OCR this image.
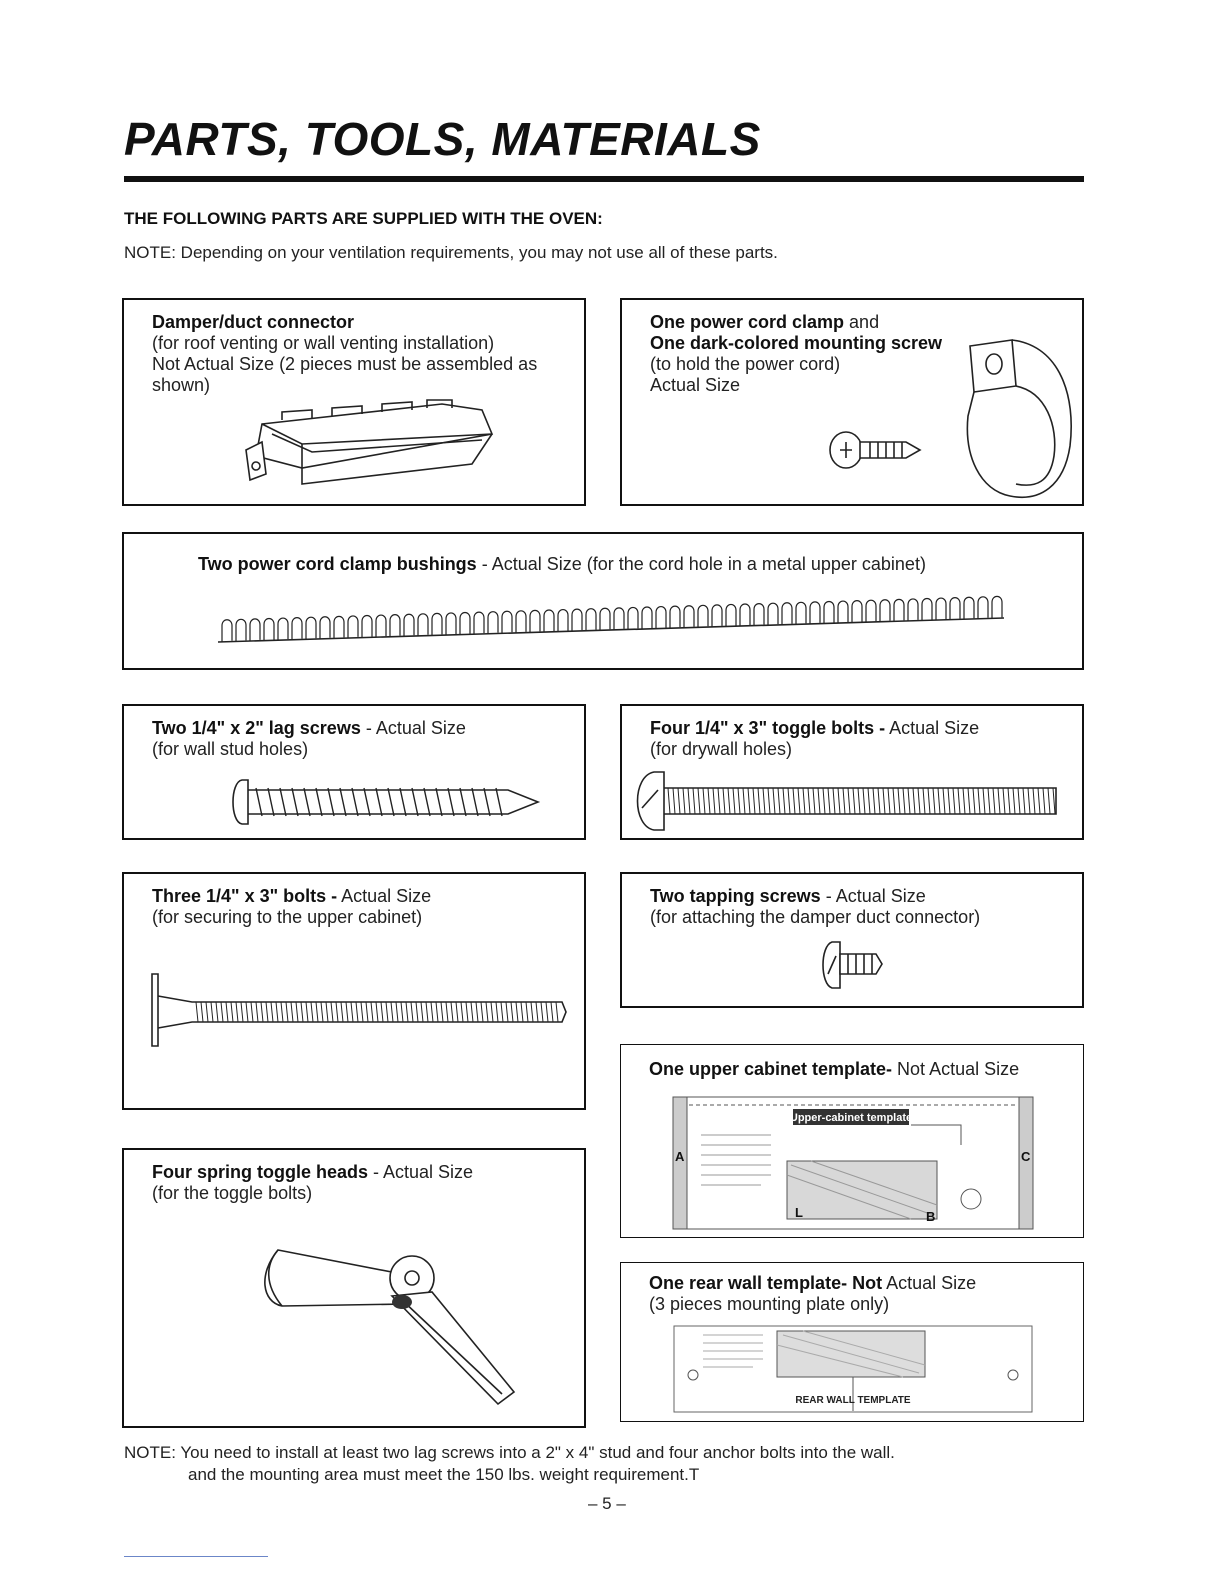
PARTS, TOOLS, MATERIALS
THE FOLLOWING PARTS ARE SUPPLIED WITH THE OVEN:
NOTE: Depending on your ventilation requirements, you may not use all of these parts.
Damper/duct connector
(for roof venting or wall venting installation)
Not Actual Size (2 pieces must be assembled as
shown)
One power cord clamp and
One dark-colored mounting screw
(to hold the power cord)
Actual Size
Two power cord clamp bushings - Actual Size (for the cord hole in a metal upper cabinet)
Two 1/4" x 2" lag screws - Actual Size
(for wall stud holes)
Four 1/4" x 3" toggle bolts - Actual Size
(for drywall holes)
Three 1/4" x 3" bolts - Actual Size
(for securing to the upper cabinet)
Two tapping screws - Actual Size
(for attaching the damper duct connector)
One upper cabinet template- Not Actual Size
Upper-cabinet template
A	C
L	B
Four spring toggle heads - Actual Size
(for the toggle bolts)
One rear wall template- Not Actual Size
(3 pieces mounting plate only)
REAR WALL TEMPLATE
NOTE: You need to install at least two lag screws into a 2" x 4" stud and four anchor bolts into the wall.
and the mounting area must meet the 150 lbs. weight requirement.T
– 5 –
